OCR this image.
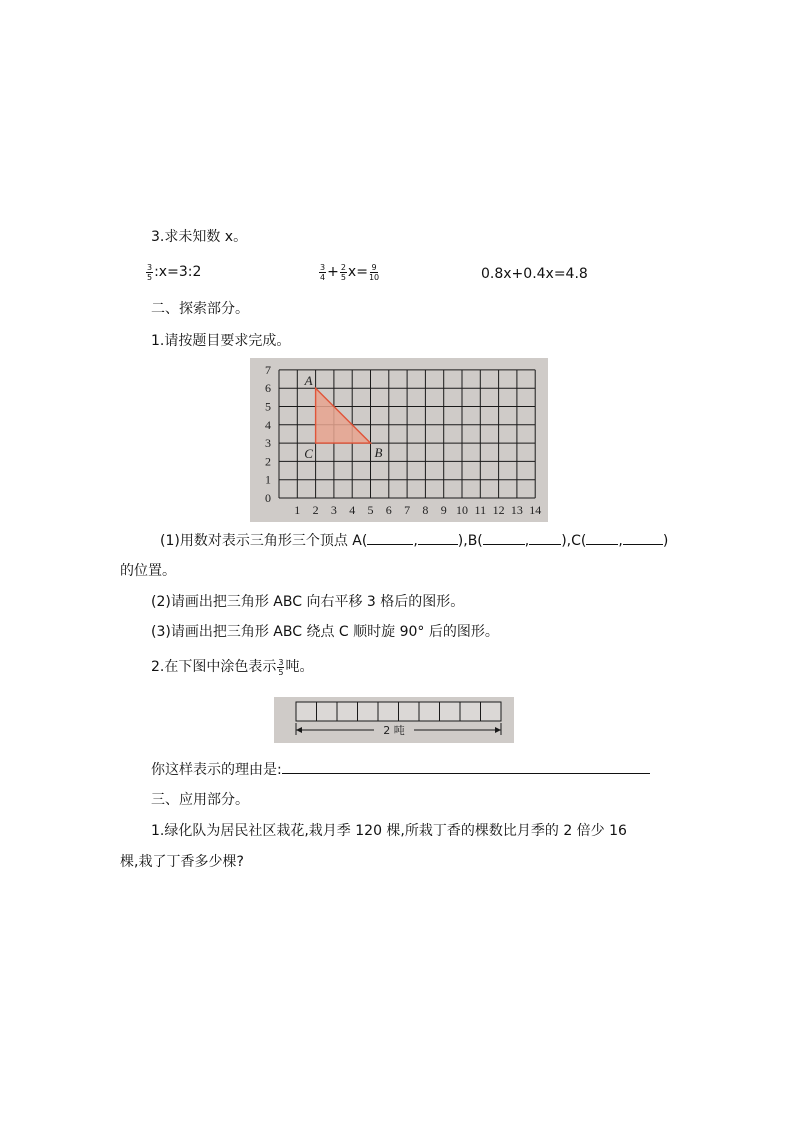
3.求未知数 x。
$\frac{3}{5}$ :x=3:2	$\frac{3}{4} + \frac{2}{5} x= \frac{9}{10}$	0.8x+0.4x=4.8
二、探索部分。
1.请按题目要求完成。
0
1
2
3
4
5
6
7
1 2 3 4 5 6 7 8 9 10 11 12 13 14
A
B
C
(1)用数对表示三角形三个顶点 A(	,	),B(	, ),C( ,	)
的位置。
(2)请画出把三角形 ABC 向右平移 3 格后的图形。
(3)请画出把三角形 ABC 绕点 C 顺时旋 90° 后的图形。
2.在下图中涂色表示 $\frac{3}{5}$ 吨。
2 吨
你这样表示的理由是:
三、应用部分。
1.绿化队为居民社区栽花,栽月季 120 棵,所栽丁香的棵数比月季的 2 倍少 16
棵,栽了丁香多少棵?
